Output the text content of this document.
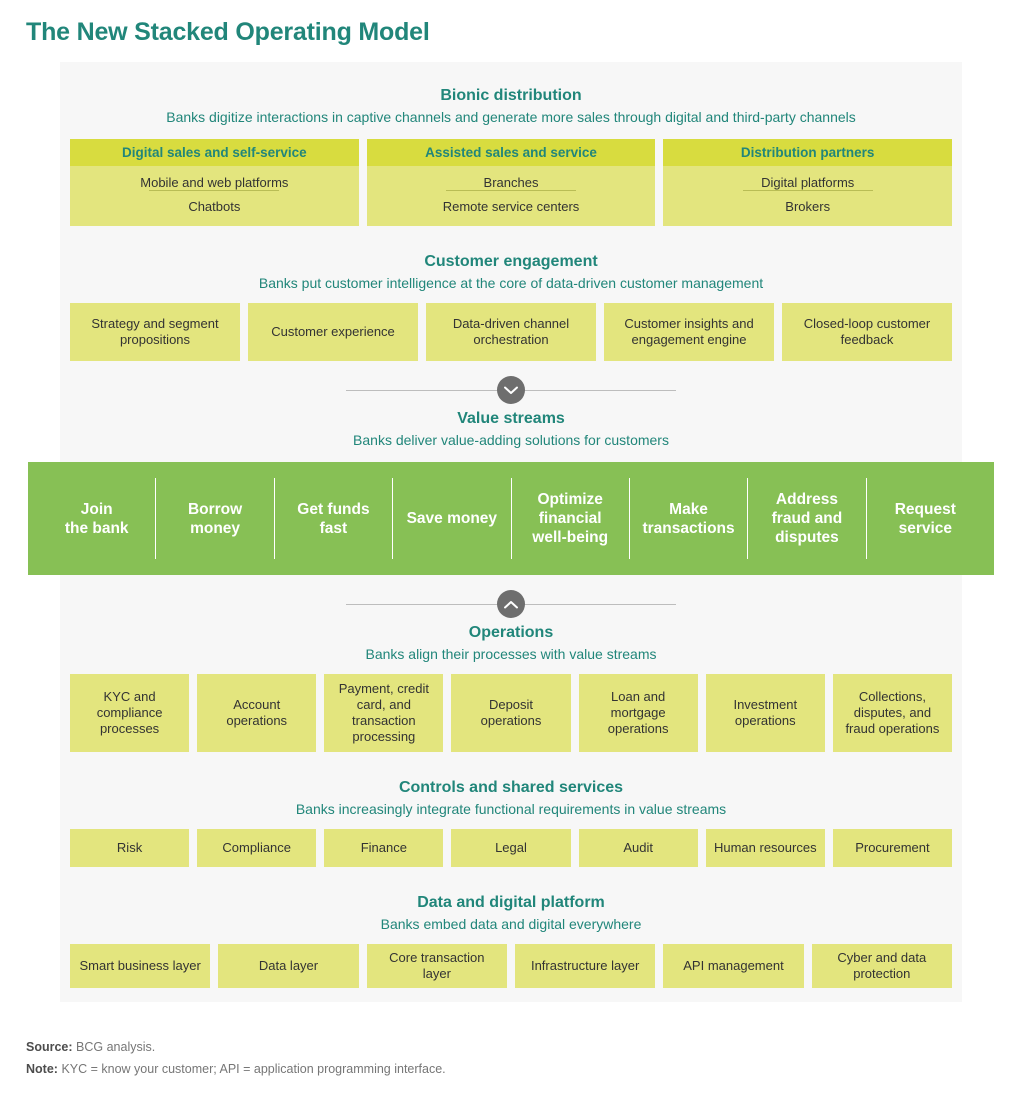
The New Stacked Operating Model
Bionic distribution
Banks digitize interactions in captive channels and generate more sales through digital and third-party channels
Digital sales and self-service
Mobile and web platforms
Chatbots
Assisted sales and service
Branches
Remote service centers
Distribution partners
Digital platforms
Brokers
Customer engagement
Banks put customer intelligence at the core of data-driven customer management
Strategy and segment propositions
Customer experience
Data-driven channel orchestration
Customer insights and engagement engine
Closed-loop customer feedback
Value streams
Banks deliver value-adding solutions for customers
Join
the bank
Borrow
money
Get funds
fast
Save money
Optimize
financial
well-being
Make
transactions
Address
fraud and
disputes
Request
service
Operations
Banks align their processes with value streams
KYC and compliance processes
Account operations
Payment, credit card, and transaction processing
Deposit operations
Loan and mortgage operations
Investment operations
Collections, disputes, and fraud operations
Controls and shared services
Banks increasingly integrate functional requirements in value streams
Risk	Compliance	Finance	Legal	Audit	Human resources	Procurement
Data and digital platform
Banks embed data and digital everywhere
Smart business layer	Data layer
Core transaction layer
Infrastructure layer	API management
Cyber and data protection
Source: BCG analysis.
Note: KYC = know your customer; API = application programming interface.
